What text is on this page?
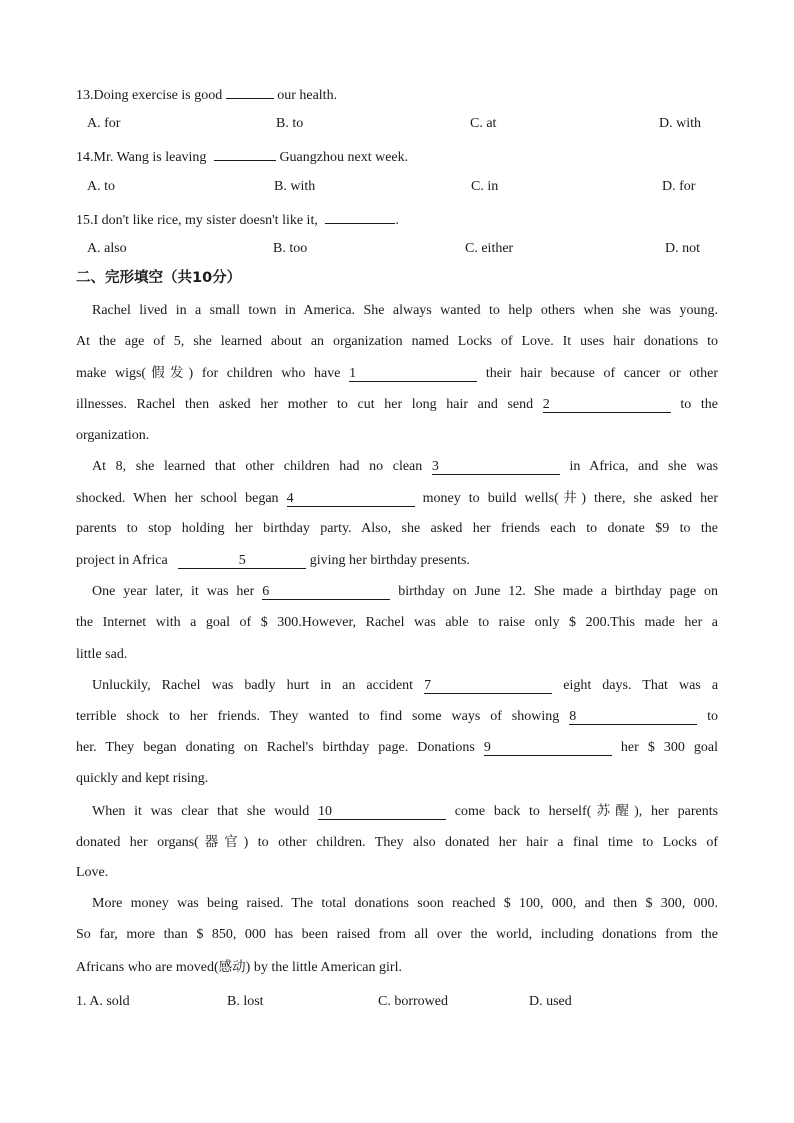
13.Doing exercise is good	our health.
A. for	B. to	C. at	D. with
14.Mr. Wang is leaving	Guangzhou next week.
A. to	B. with	C. in	D. for
15.I don't like rice, my sister doesn't like it,	.
A. also	B. too	C. either	D. not
二、完形填空（共10分）
Rachel lived in a small town in America. She always wanted to help others when she was young.
At the age of 5, she learned about an organization named Locks of Love. It uses hair donations to
make wigs(假发) for children who have 1	their hair because of cancer or other
illnesses. Rachel then asked her mother to cut her long hair and send 2	to the
organization.
At 8, she learned that other children had no clean 3	in Africa, and she was
shocked. When her school began 4	money to build wells(井) there, she asked her
parents to stop holding her birthday party. Also, she asked her friends each to donate $9 to the
project in Africa	5	giving her birthday presents.
One year later, it was her 6	birthday on June 12. She made a birthday page on
the Internet with a goal of $ 300.However, Rachel was able to raise only $ 200.This made her a
little sad.
Unluckily, Rachel was badly hurt in an accident 7	eight days. That was a
terrible shock to her friends. They wanted to find some ways of showing 8	to
her. They began donating on Rachel's birthday page. Donations 9	her $ 300 goal
quickly and kept rising.
When it was clear that she would 10	come back to herself(苏醒), her parents
donated her organs(器官) to other children. They also donated her hair a final time to Locks of
Love.
More money was being raised. The total donations soon reached $ 100, 000, and then $ 300, 000.
So far, more than $ 850, 000 has been raised from all over the world, including donations from the
Africans who are moved(感动) by the little American girl.
1. A. sold	B. lost	C. borrowed	D. used
